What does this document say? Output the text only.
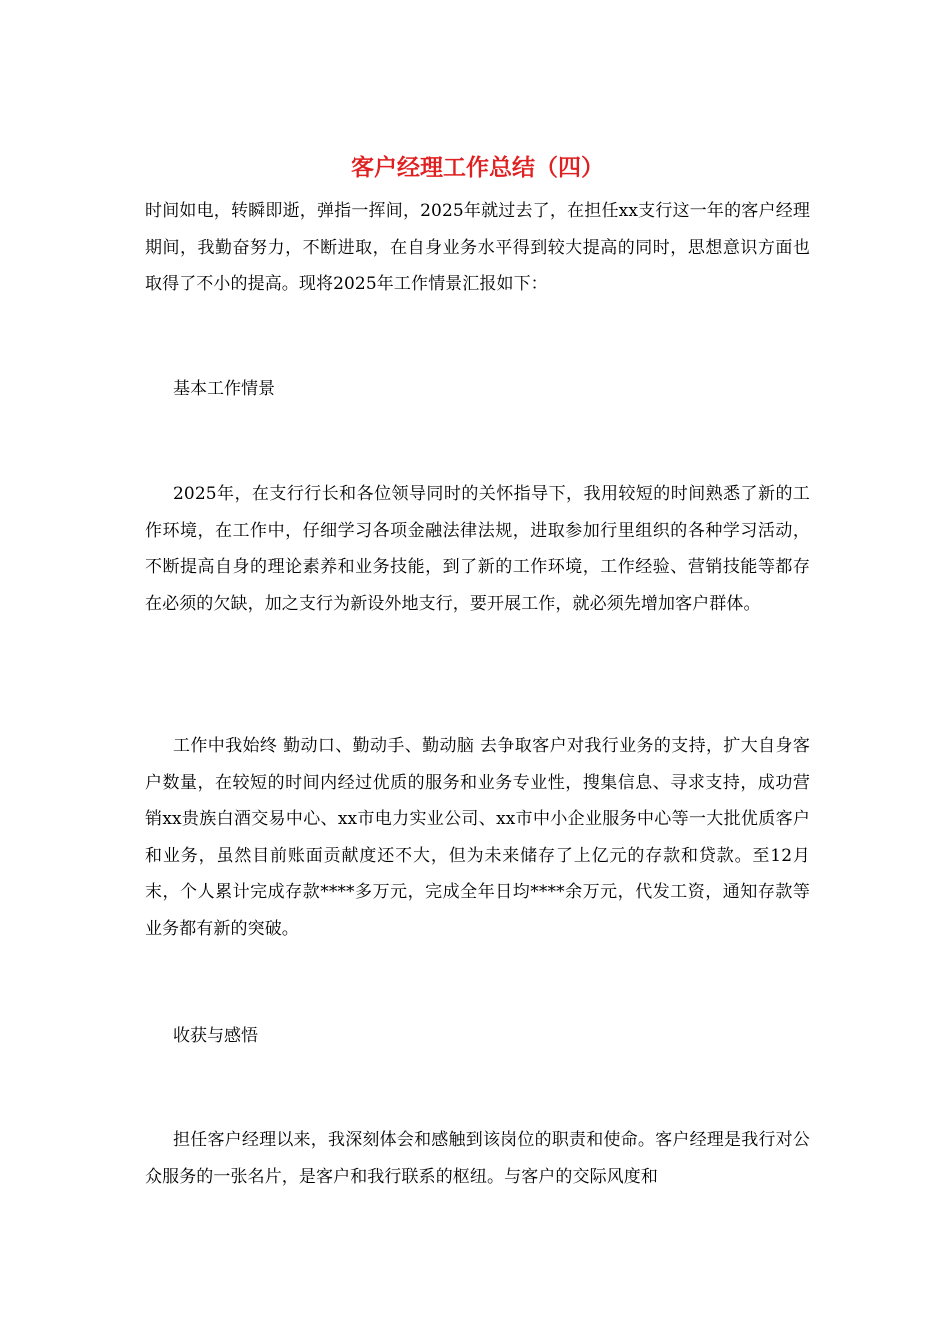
客户经理工作总结（四）

时间如电，转瞬即逝，弹指一挥间，2025年就过去了，在担任xx支行这一年的客户经理期间，我勤奋努力，不断进取，在自身业务水平得到较大提高的同时，思想意识方面也取得了不小的提高。现将2025年工作情景汇报如下：

基本工作情景

2025年，在支行行长和各位领导同时的关怀指导下，我用较短的时间熟悉了新的工作环境，在工作中，仔细学习各项金融法律法规，进取参加行里组织的各种学习活动，不断提高自身的理论素养和业务技能，到了新的工作环境，工作经验、营销技能等都存在必须的欠缺，加之支行为新设外地支行，要开展工作，就必须先增加客户群体。

工作中我始终 勤动口、勤动手、勤动脑 去争取客户对我行业务的支持，扩大自身客户数量，在较短的时间内经过优质的服务和业务专业性，搜集信息、寻求支持，成功营销xx贵族白酒交易中心、xx市电力实业公司、xx市中小企业服务中心等一大批优质客户和业务，虽然目前账面贡献度还不大，但为未来储存了上亿元的存款和贷款。至12月末，个人累计完成存款****多万元，完成全年日均****余万元，代发工资，通知存款等业务都有新的突破。

收获与感悟

担任客户经理以来，我深刻体会和感触到该岗位的职责和使命。客户经理是我行对公众服务的一张名片，是客户和我行联系的枢纽。与客户的交际风度和
